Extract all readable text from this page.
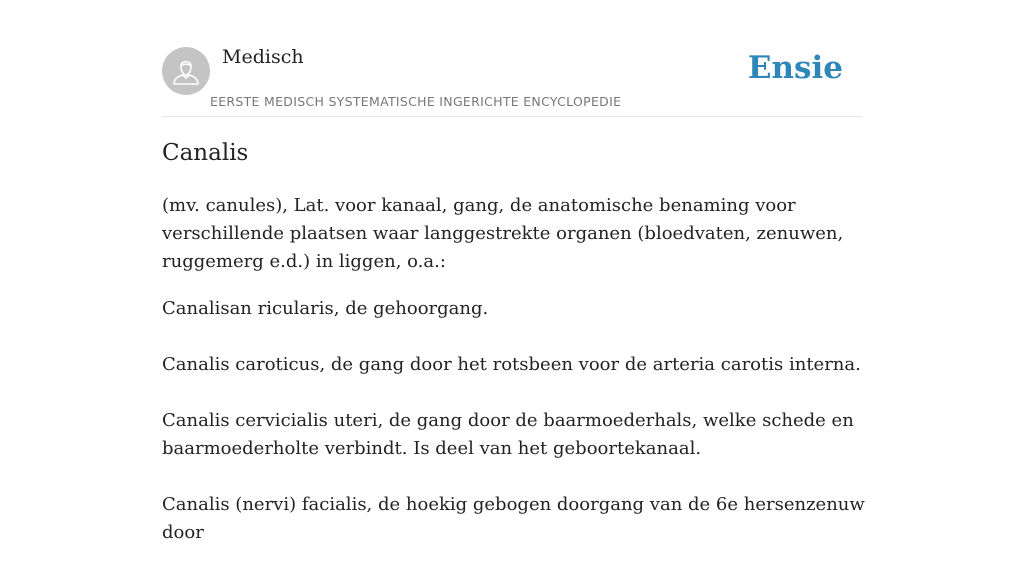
Medisch
EERSTE MEDISCH SYSTEMATISCHE INGERICHTE ENCYCLOPEDIE
Ensie
Canalis

(mv. canules), Lat. voor kanaal, gang, de anatomische benaming voor verschillende plaatsen waar langgestrekte organen (bloedvaten, zenuwen, ruggemerg e.d.) in liggen, o.a.:

Canalisan ricularis, de gehoorgang.

Canalis caroticus, de gang door het rotsbeen voor de arteria carotis interna.

Canalis cervicialis uteri, de gang door de baarmoederhals, welke schede en baarmoederholte verbindt. Is deel van het geboortekanaal.

Canalis (nervi) facialis, de hoekig gebogen doorgang van de 6e hersenzenuw door
